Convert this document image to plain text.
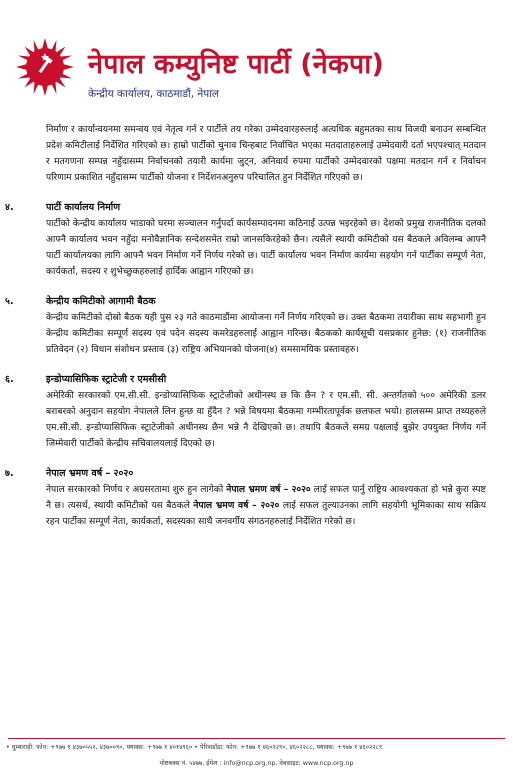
नेपाल कम्युनिष्ट पार्टी (नेकपा)
केन्द्रीय कार्यालय, काठमाडौं, नेपाल

निर्माण र कार्यान्वयनमा समन्वय एवं नेतृत्व गर्न र पार्टीले तय गरेका उम्मेदवारहरुलाई अत्यधिक बहुमतका साथ विजयी बनाउन सम्बन्धित प्रदेश कमिटीलाई निर्देशित गरिएको छ। हाम्रो पार्टीको चुनाव चिन्हबाट निर्वाचित भएका मतदाताहरुलाई उम्मेदवारी दर्ता भएपश्चात् मतदान र मतगणना सम्पन्न नहुँदासम्म निर्वाचनको तयारी कार्यमा जुट्न, अनिवार्य रुपमा पार्टीको उम्मेदवारको पक्षमा मतदान गर्न र निर्वाचन परिणाम प्रकाशित नहुँदासम्म पार्टीको योजना र निर्देशनअनुरुप परिचालित हुन निर्देशित गरिएको छ।

४.	पार्टी कार्यालय निर्माण

पार्टीको केन्द्रीय कार्यालय भाडाको घरमा सञ्चालन गर्नुपर्दा कार्यसम्पादनमा कठिनाई उत्पन्न भइरहेको छ। देशको प्रमुख राजनीतिक दलको आफ्नै कार्यालय भवन नहुँदा मनोवैज्ञानिक सन्देशसमेत राम्रो जानसकिरहेको छैन। त्यसैले स्थायी कमिटीको यस बैठकले अविलम्ब आफ्नै पार्टी कार्यालयका लागि आफ्नै भवन निर्माण गर्ने निर्णय गरेको छ। पार्टी कार्यालय भवन निर्माण कार्यमा सहयोग गर्न पार्टीका सम्पूर्ण नेता, कार्यकर्ता, सदस्य र शुभेच्छुकहरुलाई हार्दिक आह्वान गरिएको छ।

५.	केन्द्रीय कमिटीको आगामी बैठक

केन्द्रीय कमिटीको दोस्रो बैठक यही पुस २३ गते काठमाडौंमा आयोजना गर्ने निर्णय गरिएको छ। उक्त बैठकमा तयारीका साथ सहभागी हुन केन्द्रीय कमिटीका सम्पूर्ण सदस्य एवं पदेन सदस्य कमरेडहरुलाई आह्वान गरिन्छ। बैठकको कार्यसूची यसप्रकार हुनेछ: (१) राजनीतिक प्रतिवेदन (२) विधान संशोधन प्रस्ताव (३) राष्ट्रिय अभियानको योजना(४) समसामयिक प्रस्तावहरु।

६.	इन्डोप्यासिफिक स्ट्राटेजी र एमसीसी

अमेरिकी सरकारको एम.सी.सी. इन्डोप्यासिफिक स्ट्राटेजीको अधीनस्थ छ कि छैन ? र एम.सी. सी. अन्तर्गतको ५०० अमेरिकी डलर बराबरको अनुदान सहयोग नेपालले लिन हुन्छ वा हुँदैन ? भन्ने विषयमा बैठकमा गम्भीरतापूर्वक छलफल भयो। हालसम्म प्राप्त तथ्यहरुले एम.सी.सी. इन्डोप्यासिफिक स्ट्राटेजीको अधीनस्थ छैन भन्ने नै देखिएको छ। तथापि बैठकले समग्र पक्षलाई बुझेर उपयुक्त निर्णय गर्ने जिम्मेवारी पार्टीको केन्द्रीय सचिवालयलाई दिएको छ।

७.	नेपाल भ्रमण वर्ष – २०२०

नेपाल सरकारको निर्णय र अग्रसरतामा शुरु हुन लागेको नेपाल भ्रमण वर्ष – २०२० लाई सफल पार्नु राष्ट्रिय आवश्यकता हो भन्ने कुरा स्पष्ट नै छ। त्यसर्थ, स्थायी कमिटीको यस बैठकले नेपाल भ्रमण वर्ष – २०२० लाई सफल तुल्याउनका लागि सहयोगी भूमिकाका साथ सक्रिय रहन पार्टीका सम्पूर्ण नेता, कार्यकर्ता, सदस्यका साथै जनवर्गीय संगठनहरुलाई निर्देशित गरेको छ।

• धुम्बाराही: फोन: +९७७ १ ४३७०५५२, ४३७००९०, फ्याक्स: +९७७ १ ४०१४९६० • पेरिसडाँडा: फोन: +९७७ १ ४६०२२९०, ४६०२२८८, फ्याक्स: +९७७ १ ४६०२२८९
पोष्टबक्स नं. ५४७७, ईमेल : info@ncp.org.np, वेबसाइट: www.ncp.org.np
